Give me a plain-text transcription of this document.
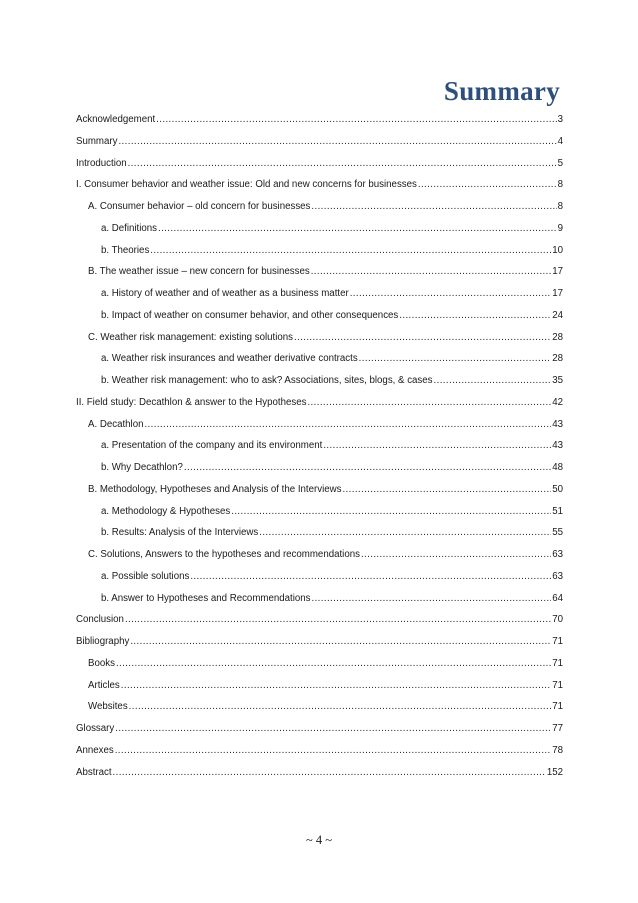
Summary
Acknowledgement .....	3
Summary .....	4
Introduction .....	5
I. Consumer behavior and weather issue: Old and new concerns for businesses .....	8
A. Consumer behavior – old concern for businesses .....	8
a. Definitions .....	9
b. Theories .....	10
B. The weather issue – new concern for businesses .....	17
a. History of weather and of weather as a business matter .....	17
b. Impact of weather on consumer behavior, and other consequences .....	24
C. Weather risk management: existing solutions .....	28
a. Weather risk insurances and weather derivative contracts .....	28
b. Weather risk management: who to ask? Associations, sites, blogs, & cases .....	35
II. Field study: Decathlon & answer to the Hypotheses .....	42
A. Decathlon .....	43
a. Presentation of the company and its environment .....	43
b. Why Decathlon? .....	48
B. Methodology, Hypotheses and Analysis of the Interviews .....	50
a. Methodology & Hypotheses .....	51
b. Results: Analysis of the Interviews .....	55
C. Solutions, Answers to the hypotheses and recommendations .....	63
a. Possible solutions .....	63
b. Answer to Hypotheses and Recommendations .....	64
Conclusion .....	70
Bibliography .....	71
Books .....	71
Articles .....	71
Websites .....	71
Glossary .....	77
Annexes .....	78
Abstract .....	152
~ 4 ~
